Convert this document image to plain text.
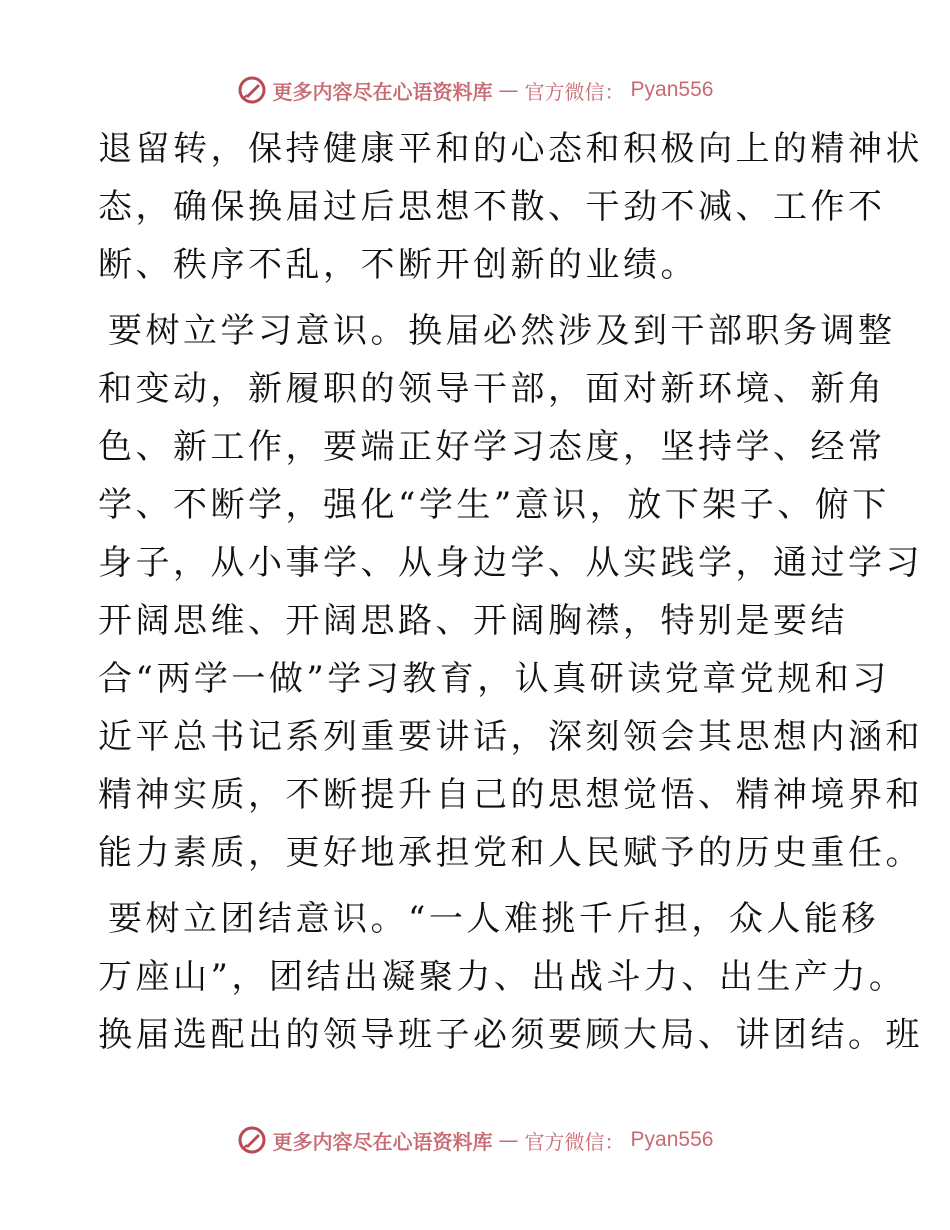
更多内容尽在心语资料库 — 官方微信： Pyan556
退留转，保持健康平和的心态和积极向上的精神状
态，确保换届过后思想不散、干劲不减、工作不
断、秩序不乱，不断开创新的业绩。
要树立学习意识。换届必然涉及到干部职务调整
和变动，新履职的领导干部，面对新环境、新角
色、新工作，要端正好学习态度，坚持学、经常
学、不断学，强化“学生”意识，放下架子、俯下
身子，从小事学、从身边学、从实践学，通过学习
开阔思维、开阔思路、开阔胸襟，特别是要结
合“两学一做”学习教育，认真研读党章党规和习
近平总书记系列重要讲话，深刻领会其思想内涵和
精神实质，不断提升自己的思想觉悟、精神境界和
能力素质，更好地承担党和人民赋予的历史重任。
要树立团结意识。“一人难挑千斤担，众人能移
万座山”，团结出凝聚力、出战斗力、出生产力。
换届选配出的领导班子必须要顾大局、讲团结。班
更多内容尽在心语资料库 — 官方微信： Pyan556
